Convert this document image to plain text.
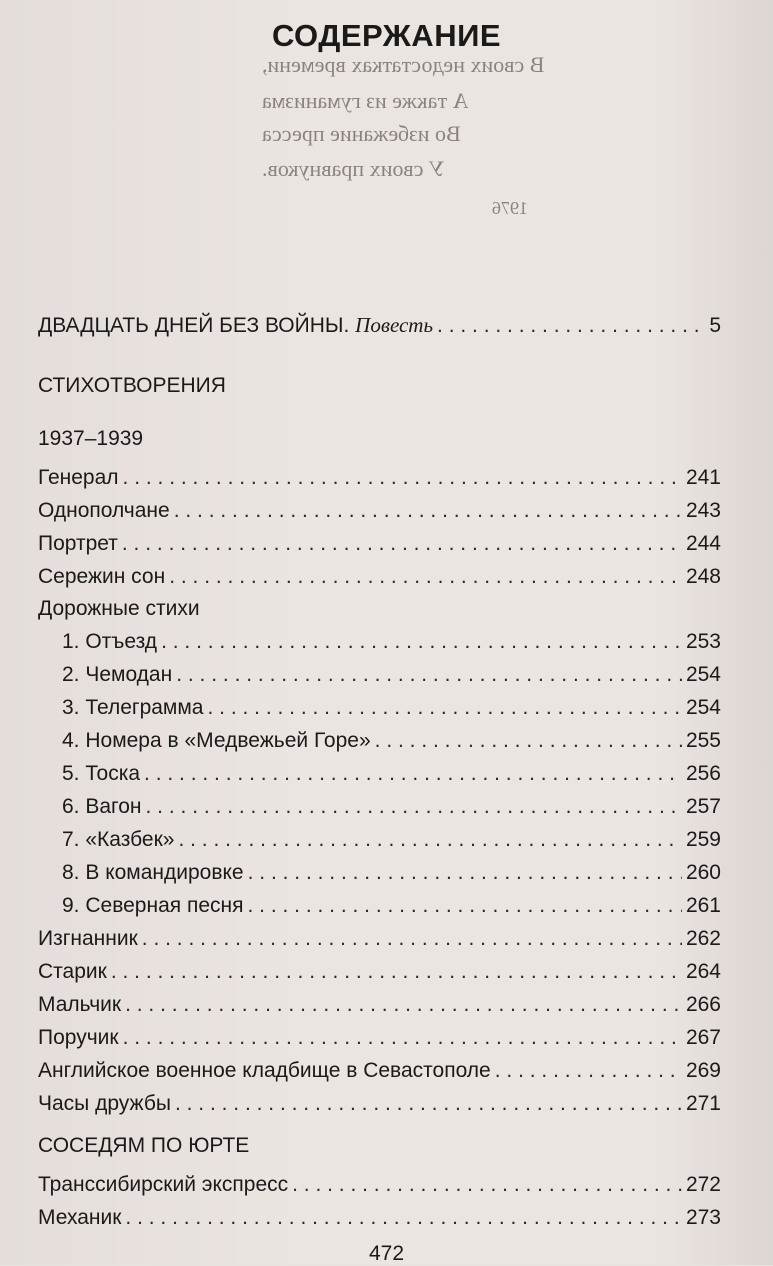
В своих недостатках времени,
А также из гуманизма
Во избежание пресса
У своих правнуков.
1976
СОДЕРЖАНИЕ
ДВАДЦАТЬ ДНЕЙ БЕЗ ВОЙНЫ. Повесть . . .	5
СТИХОТВОРЕНИЯ
1937–1939
Генерал . . .	241
Однополчане . . .	243
Портрет . . .	244
Сережин сон . . .	248
Дорожные стихи
1. Отъезд . . .	253
2. Чемодан . . .	254
3. Телеграмма . . .	254
4. Номера в «Медвежьей Горе» . . .	255
5. Тоска . . .	256
6. Вагон . . .	257
7. «Казбек» . . .	259
8. В командировке . . .	260
9. Северная песня . . .	261
Изгнанник . . .	262
Старик . . .	264
Мальчик . . .	266
Поручик . . .	267
Английское военное кладбище в Севастополе . . .	269
Часы дружбы . . .	271
СОСЕДЯМ ПО ЮРТЕ
Транссибирский экспресс . . .	272
Механик . . .	273
472
